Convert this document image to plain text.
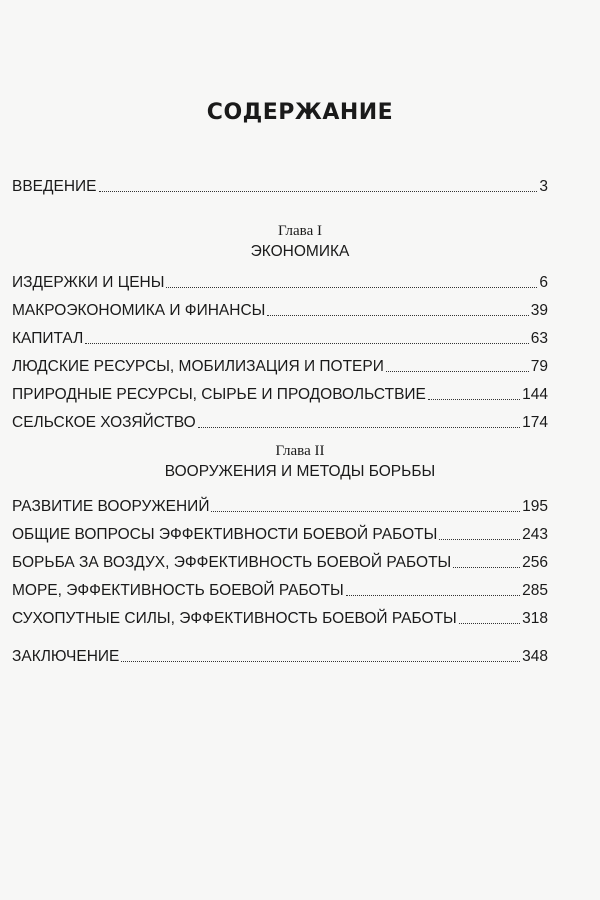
СОДЕРЖАНИЕ
ВВЕДЕНИЕ	3
Глава I
ЭКОНОМИКА
ИЗДЕРЖКИ И ЦЕНЫ	6
МАКРОЭКОНОМИКА И ФИНАНСЫ	39
КАПИТАЛ	63
ЛЮДСКИЕ РЕСУРСЫ, МОБИЛИЗАЦИЯ И ПОТЕРИ	79
ПРИРОДНЫЕ РЕСУРСЫ, СЫРЬЕ И ПРОДОВОЛЬСТВИЕ	144
СЕЛЬСКОЕ ХОЗЯЙСТВО	174
Глава II
ВООРУЖЕНИЯ И МЕТОДЫ БОРЬБЫ
РАЗВИТИЕ ВООРУЖЕНИЙ	195
ОБЩИЕ ВОПРОСЫ ЭФФЕКТИВНОСТИ БОЕВОЙ РАБОТЫ	243
БОРЬБА ЗА ВОЗДУХ, ЭФФЕКТИВНОСТЬ БОЕВОЙ РАБОТЫ	256
МОРЕ, ЭФФЕКТИВНОСТЬ БОЕВОЙ РАБОТЫ	285
СУХОПУТНЫЕ СИЛЫ, ЭФФЕКТИВНОСТЬ БОЕВОЙ РАБОТЫ	318
ЗАКЛЮЧЕНИЕ	348
